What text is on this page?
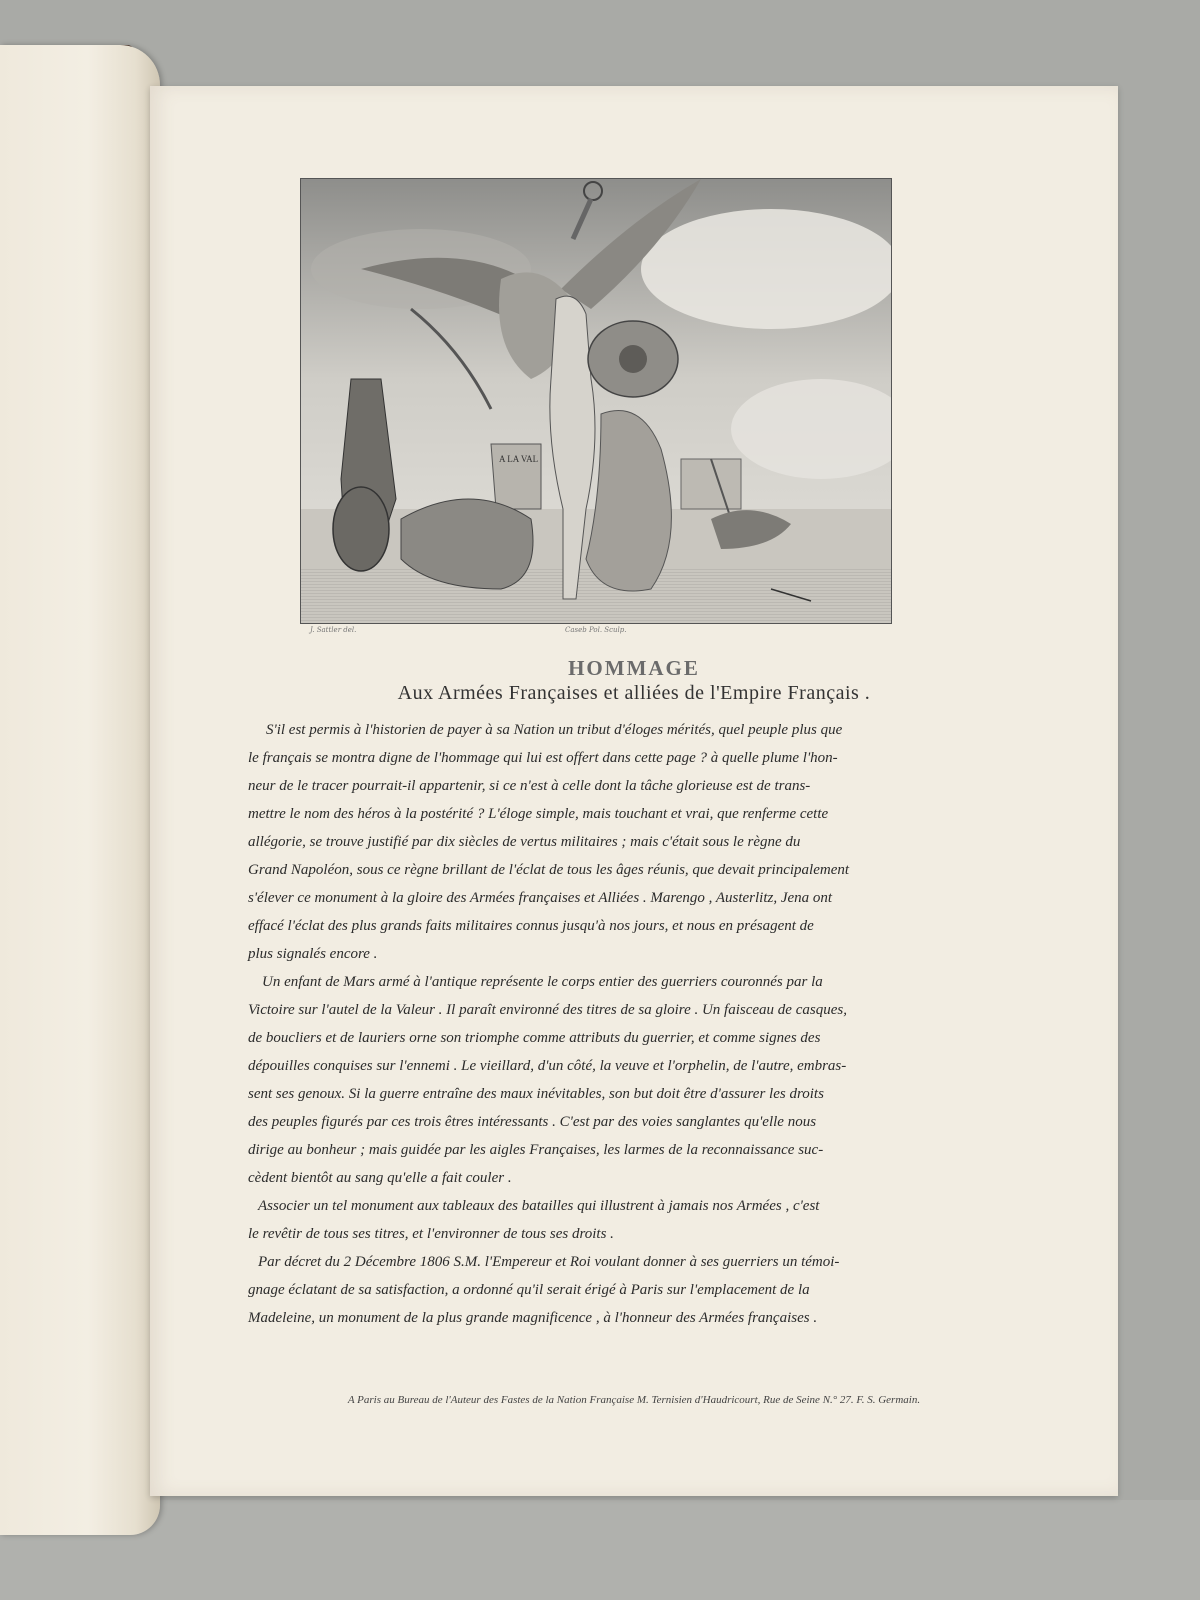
A LA VAL
J. Sattler del.	Caseb Pol. Sculp.
HOMMAGE
Aux Armées Françaises et alliées de l'Empire Français .
S'il est permis à l'historien de payer à sa Nation un tribut d'éloges mérités, quel peuple plus que
le français se montra digne de l'hommage qui lui est offert dans cette page ? à quelle plume l'hon-
neur de le tracer pourrait-il appartenir, si ce n'est à celle dont la tâche glorieuse est de trans-
mettre le nom des héros à la postérité ? L'éloge simple, mais touchant et vrai, que renferme cette
allégorie, se trouve justifié par dix siècles de vertus militaires ; mais c'était sous le règne du
Grand Napoléon, sous ce règne brillant de l'éclat de tous les âges réunis, que devait principalement
s'élever ce monument à la gloire des Armées françaises et Alliées . Marengo , Austerlitz, Jena ont
effacé l'éclat des plus grands faits militaires connus jusqu'à nos jours, et nous en présagent de
plus signalés encore .
Un enfant de Mars armé à l'antique représente le corps entier des guerriers couronnés par la
Victoire sur l'autel de la Valeur . Il paraît environné des titres de sa gloire . Un faisceau de casques,
de boucliers et de lauriers orne son triomphe comme attributs du guerrier, et comme signes des
dépouilles conquises sur l'ennemi . Le vieillard, d'un côté, la veuve et l'orphelin, de l'autre, embras-
sent ses genoux. Si la guerre entraîne des maux inévitables, son but doit être d'assurer les droits
des peuples figurés par ces trois êtres intéressants . C'est par des voies sanglantes qu'elle nous
dirige au bonheur ; mais guidée par les aigles Françaises, les larmes de la reconnaissance suc-
cèdent bientôt au sang qu'elle a fait couler .
Associer un tel monument aux tableaux des batailles qui illustrent à jamais nos Armées , c'est
le revêtir de tous ses titres, et l'environner de tous ses droits .
Par décret du 2 Décembre 1806 S.M. l'Empereur et Roi voulant donner à ses guerriers un témoi-
gnage éclatant de sa satisfaction, a ordonné qu'il serait érigé à Paris sur l'emplacement de la
Madeleine, un monument de la plus grande magnificence , à l'honneur des Armées françaises .
A Paris au Bureau de l'Auteur des Fastes de la Nation Française M. Ternisien d'Haudricourt, Rue de Seine N.° 27. F. S. Germain.
